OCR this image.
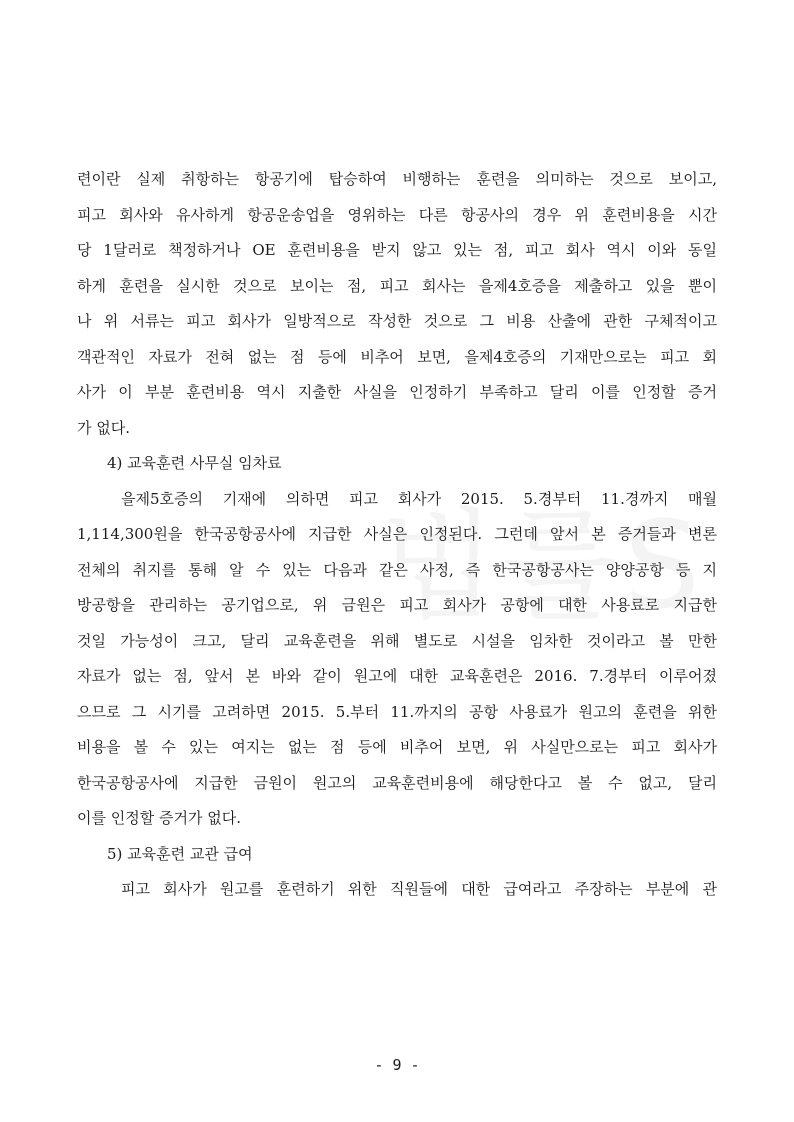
련이란 실제 취항하는 항공기에 탑승하여 비행하는 훈련을 의미하는 것으로 보이고,
피고 회사와 유사하게 항공운송업을 영위하는 다른 항공사의 경우 위 훈련비용을 시간
당 1달러로 책정하거나 OE 훈련비용을 받지 않고 있는 점, 피고 회사 역시 이와 동일
하게 훈련을 실시한 것으로 보이는 점, 피고 회사는 을제4호증을 제출하고 있을 뿐이
나 위 서류는 피고 회사가 일방적으로 작성한 것으로 그 비용 산출에 관한 구체적이고
객관적인 자료가 전혀 없는 점 등에 비추어 보면, 을제4호증의 기재만으로는 피고 회
사가 이 부분 훈련비용 역시 지출한 사실을 인정하기 부족하고 달리 이를 인정할 증거
가 없다.
4) 교육훈련 사무실 임차료
을제5호증의 기재에 의하면 피고 회사가 2015. 5.경부터 11.경까지 매월
1,114,300원을 한국공항공사에 지급한 사실은 인정된다. 그런데 앞서 본 증거들과 변론
전체의 취지를 통해 알 수 있는 다음과 같은 사정, 즉 한국공항공사는 양양공항 등 지
방공항을 관리하는 공기업으로, 위 금원은 피고 회사가 공항에 대한 사용료로 지급한
것일 가능성이 크고, 달리 교육훈련을 위해 별도로 시설을 임차한 것이라고 볼 만한
자료가 없는 점, 앞서 본 바와 같이 원고에 대한 교육훈련은 2016. 7.경부터 이루어졌
으므로 그 시기를 고려하면 2015. 5.부터 11.까지의 공항 사용료가 원고의 훈련을 위한
비용을 볼 수 있는 여지는 없는 점 등에 비추어 보면, 위 사실만으로는 피고 회사가
한국공항공사에 지급한 금원이 원고의 교육훈련비용에 해당한다고 볼 수 없고, 달리
이를 인정할 증거가 없다.
5) 교육훈련 교관 급여
피고 회사가 원고를 훈련하기 위한 직원들에 대한 급여라고 주장하는 부분에 관
- 9 -
